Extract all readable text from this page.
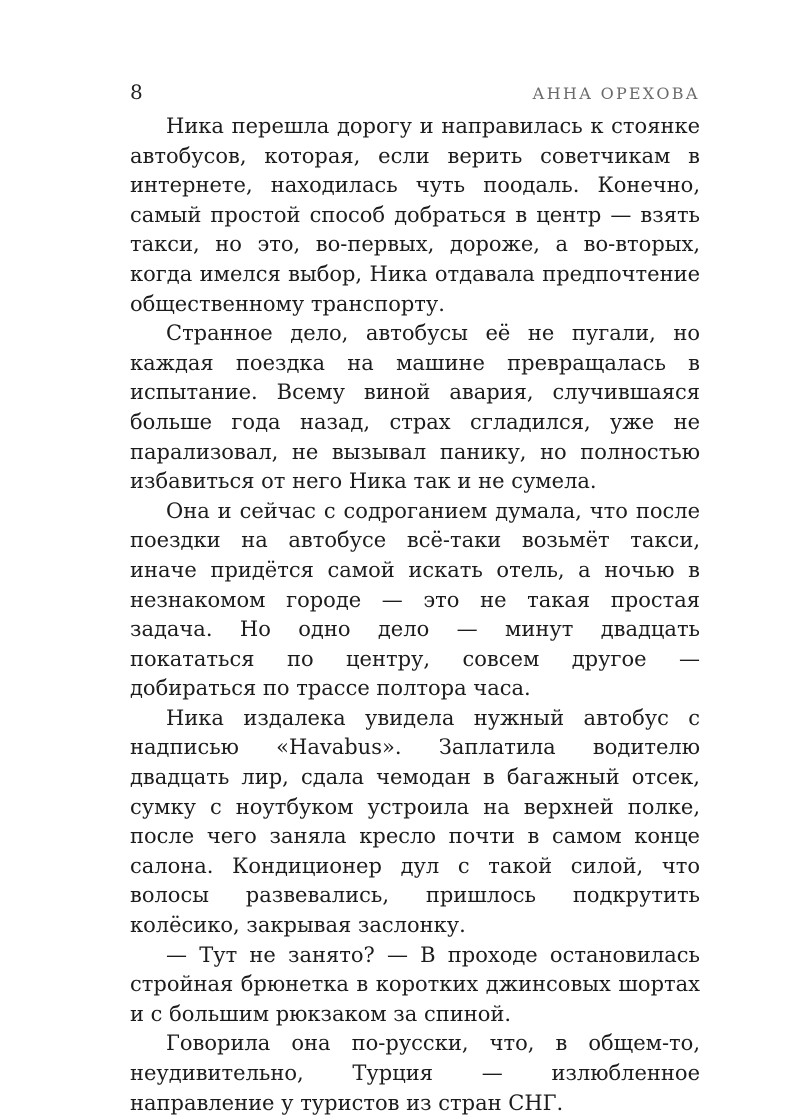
8	АННА ОРЕХОВА

Ника перешла дорогу и направилась к стоянке автобусов, которая, если верить советчикам в интернете, находилась чуть поодаль. Конечно, самый простой способ добраться в центр — взять такси, но это, во-первых, дороже, а во-вторых, когда имелся выбор, Ника отдавала предпочтение общественному транспорту.

Странное дело, автобусы её не пугали, но каждая поездка на машине превращалась в испытание. Всему виной авария, случившаяся больше года назад, страх сгладился, уже не парализовал, не вызывал панику, но полностью избавиться от него Ника так и не сумела.

Она и сейчас с содроганием думала, что после поездки на автобусе всё-таки возьмёт такси, иначе придётся самой искать отель, а ночью в незнакомом городе — это не такая простая задача. Но одно дело — минут двадцать покататься по центру, совсем другое — добираться по трассе полтора часа.

Ника издалека увидела нужный автобус с надписью «Havabus». Заплатила водителю двадцать лир, сдала чемодан в багажный отсек, сумку с ноутбуком устроила на верхней полке, после чего заняла кресло почти в самом конце салона. Кондиционер дул с такой силой, что волосы развевались, пришлось подкрутить колёсико, закрывая заслонку.

— Тут не занято? — В проходе остановилась стройная брюнетка в коротких джинсовых шортах и с большим рюкзаком за спиной.

Говорила она по-русски, что, в общем-то, неудивительно, Турция — излюбленное направление у туристов из стран СНГ.
